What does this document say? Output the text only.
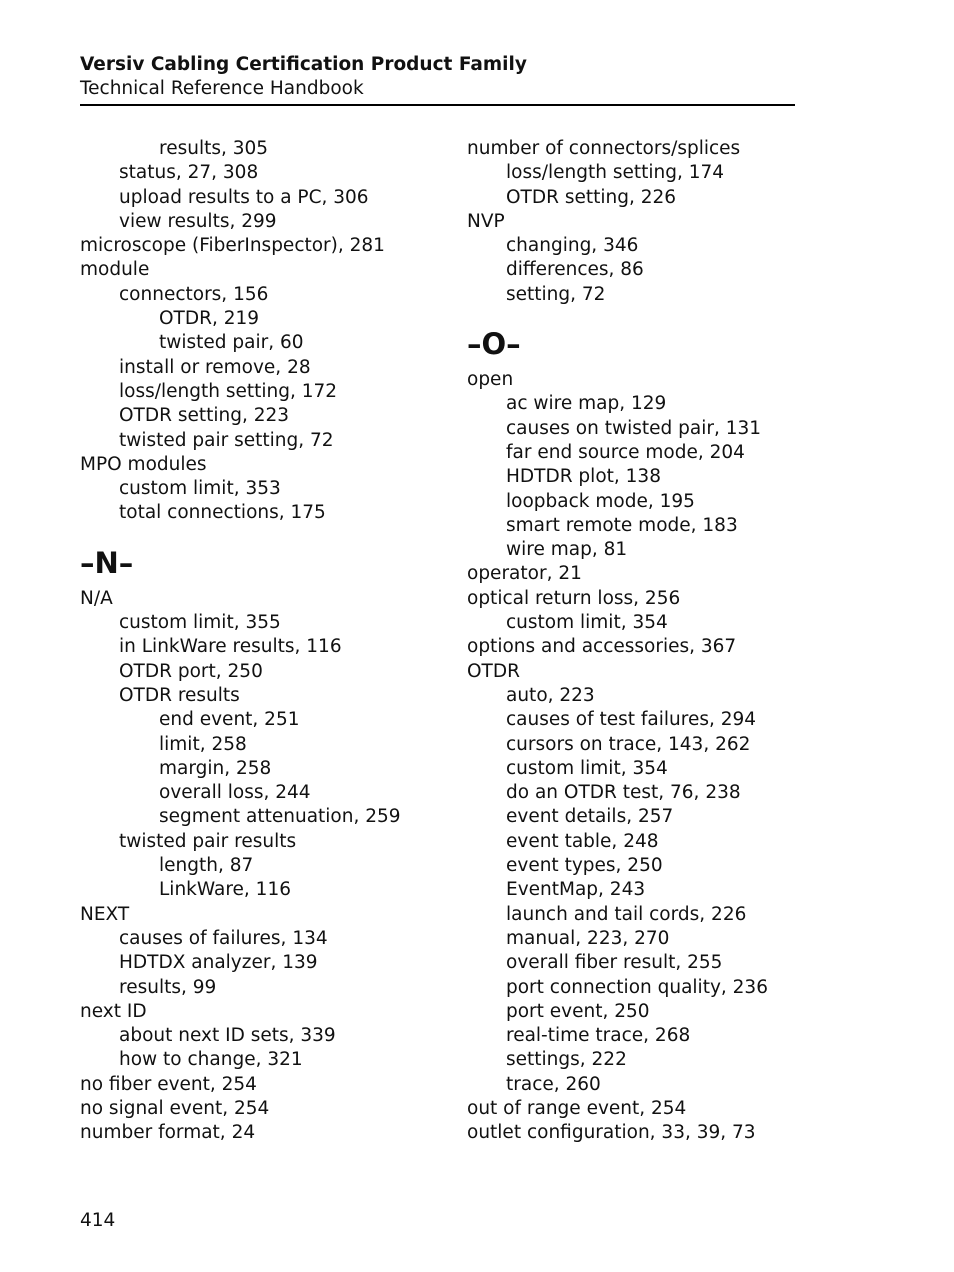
Versiv Cabling Certification Product Family
Technical Reference Handbook
results, 305
status, 27, 308
upload results to a PC, 306
view results, 299
microscope (FiberInspector), 281
module
connectors, 156
OTDR, 219
twisted pair, 60
install or remove, 28
loss/length setting, 172
OTDR setting, 223
twisted pair setting, 72
MPO modules
custom limit, 353
total connections, 175
–N–
N/A
custom limit, 355
in LinkWare results, 116
OTDR port, 250
OTDR results
end event, 251
limit, 258
margin, 258
overall loss, 244
segment attenuation, 259
twisted pair results
length, 87
LinkWare, 116
NEXT
causes of failures, 134
HDTDX analyzer, 139
results, 99
next ID
about next ID sets, 339
how to change, 321
no fiber event, 254
no signal event, 254
number format, 24
number of connectors/splices
loss/length setting, 174
OTDR setting, 226
NVP
changing, 346
differences, 86
setting, 72
–O–
open
ac wire map, 129
causes on twisted pair, 131
far end source mode, 204
HDTDR plot, 138
loopback mode, 195
smart remote mode, 183
wire map, 81
operator, 21
optical return loss, 256
custom limit, 354
options and accessories, 367
OTDR
auto, 223
causes of test failures, 294
cursors on trace, 143, 262
custom limit, 354
do an OTDR test, 76, 238
event details, 257
event table, 248
event types, 250
EventMap, 243
launch and tail cords, 226
manual, 223, 270
overall fiber result, 255
port connection quality, 236
port event, 250
real-time trace, 268
settings, 222
trace, 260
out of range event, 254
outlet configuration, 33, 39, 73
414
